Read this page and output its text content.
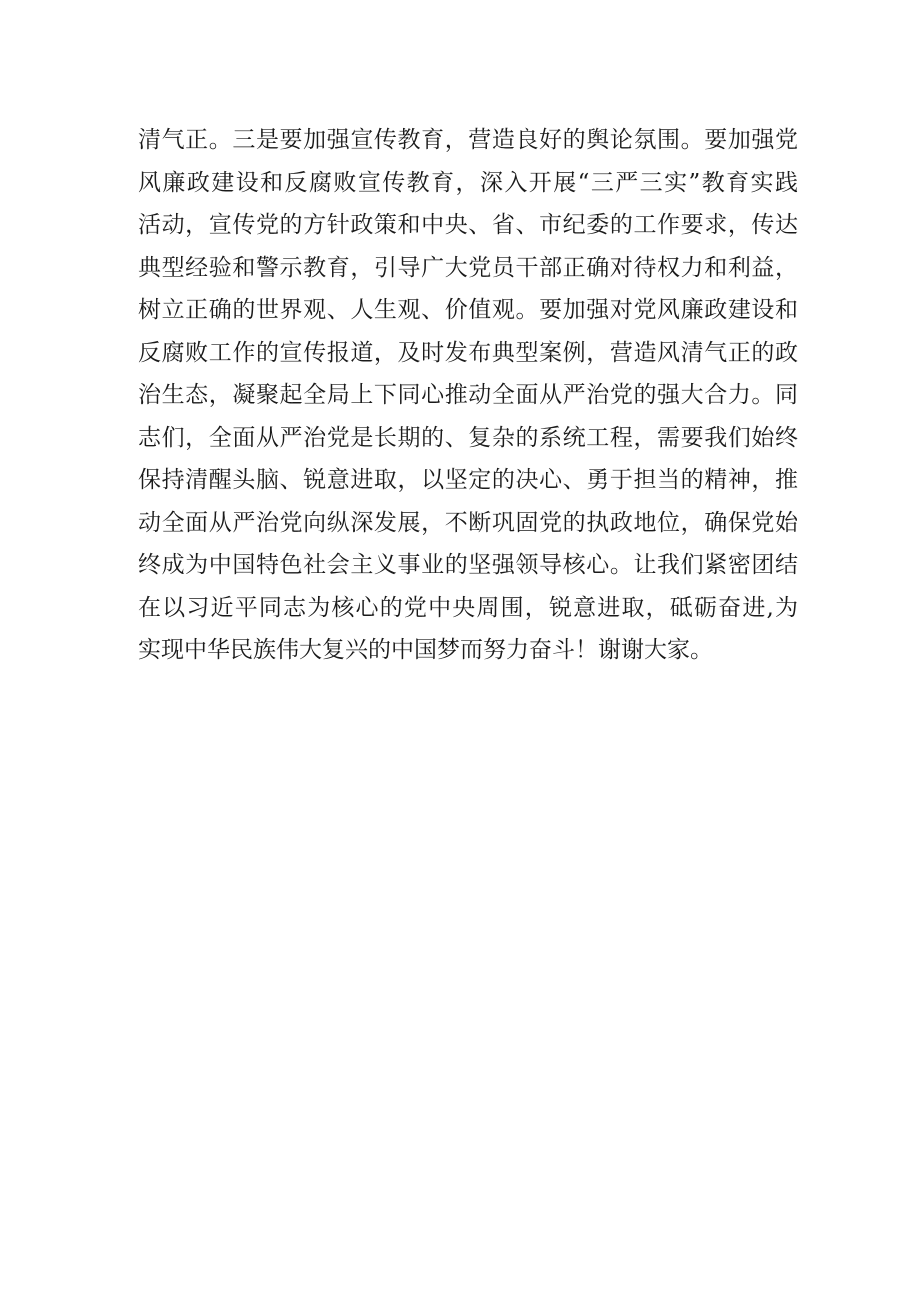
清气正。三是要加强宣传教育，营造良好的舆论氛围。要加强党
风廉政建设和反腐败宣传教育，深入开展“三严三实”教育实践
活动，宣传党的方针政策和中央、省、市纪委的工作要求，传达
典型经验和警示教育，引导广大党员干部正确对待权力和利益，
树立正确的世界观、人生观、价值观。要加强对党风廉政建设和
反腐败工作的宣传报道，及时发布典型案例，营造风清气正的政
治生态，凝聚起全局上下同心推动全面从严治党的强大合力。同
志们，全面从严治党是长期的、复杂的系统工程，需要我们始终
保持清醒头脑、锐意进取，以坚定的决心、勇于担当的精神，推
动全面从严治党向纵深发展，不断巩固党的执政地位，确保党始
终成为中国特色社会主义事业的坚强领导核心。让我们紧密团结
在以习近平同志为核心的党中央周围，锐意进取，砥砺奋进,为
实现中华民族伟大复兴的中国梦而努力奋斗！谢谢大家。
